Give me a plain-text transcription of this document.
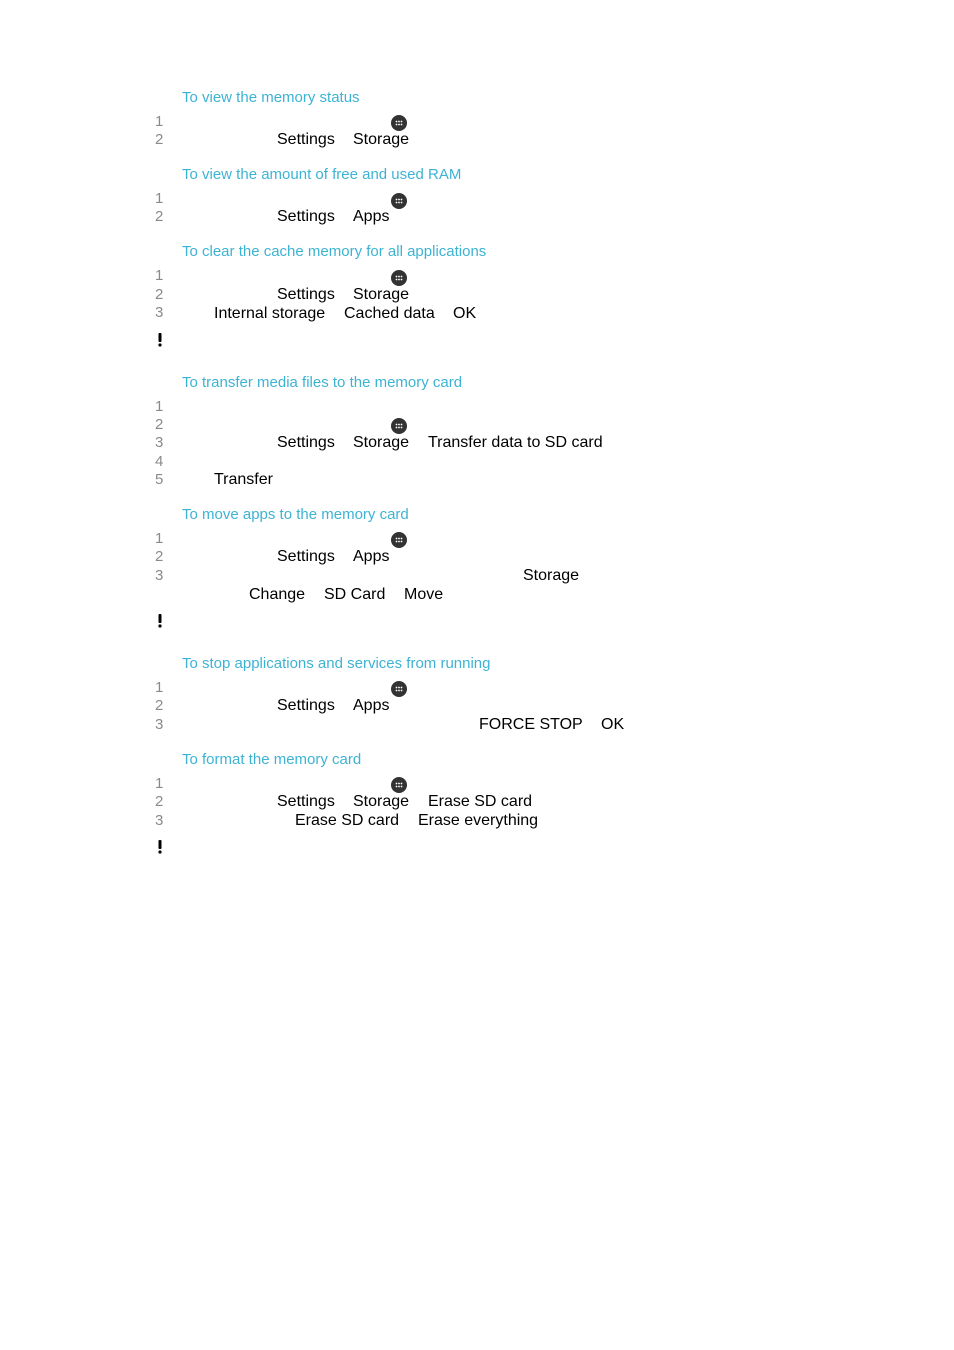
To view the memory status
1
2	Settings Storage
To view the amount of free and used RAM
1
2	Settings Apps
To clear the cache memory for all applications
1
2	Settings Storage
3	Internal storage Cached data OK
To transfer media files to the memory card
1
2
3	Settings Storage Transfer data to SD card
4
5	Transfer
To move apps to the memory card
1
2	Settings Apps
3	Storage
Change SD Card Move
To stop applications and services from running
1
2	Settings Apps
3	FORCE STOP OK
To format the memory card
1
2	Settings Storage Erase SD card
3	Erase SD card Erase everything
